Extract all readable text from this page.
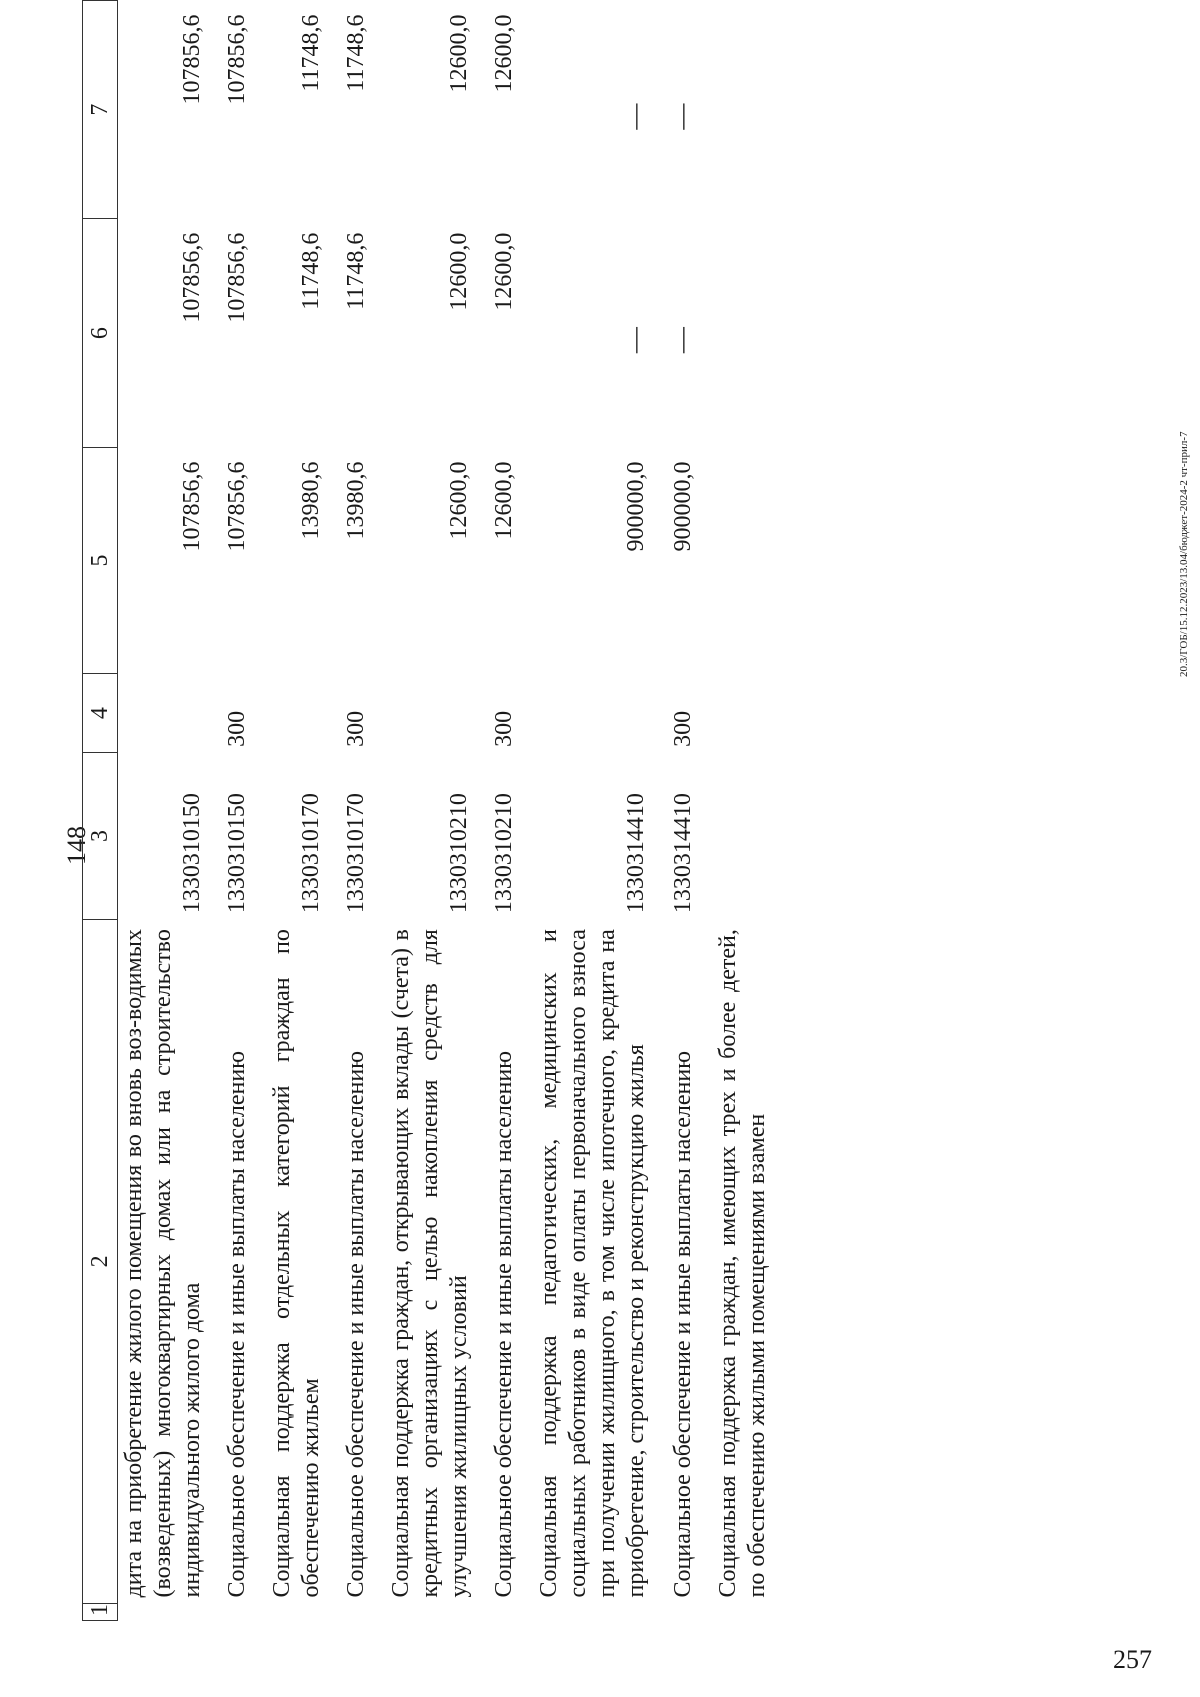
148
1	2	3	4	5	6	7
	дита на приобретение жилого помещения во вновь воз-водимых (возведенных) многоквартирных домах или на строительство индивидуального жилого дома	1330310150		107856,6	107856,6	107856,6
	Социальное обеспечение и иные выплаты населению	1330310150	300	107856,6	107856,6	107856,6
	Социальная поддержка отдельных категорий граждан по обеспечению жильем	1330310170		13980,6	11748,6	11748,6
	Социальное обеспечение и иные выплаты населению	1330310170	300	13980,6	11748,6	11748,6
	Социальная поддержка граждан, открывающих вклады (счета) в кредитных организациях с целью накопления средств для улучшения жилищных условий	1330310210		12600,0	12600,0	12600,0
	Социальное обеспечение и иные выплаты населению	1330310210	300	12600,0	12600,0	12600,0
	Социальная поддержка педагогических, медицинских и социальных работников в виде оплаты первоначального взноса при получении жилищного, в том числе ипотечного, кредита на приобретение, строительство и реконструкцию жилья	1330314410		900000,0	—	—
	Социальное обеспечение и иные выплаты населению	1330314410	300	900000,0	—	—
	Социальная поддержка граждан, имеющих трех и более детей, по обеспечению жилыми помещениями взамен					
20.3/ГОБ/15.12.2023/13.04/бюджет-2024-2 чт-прил-7
257
